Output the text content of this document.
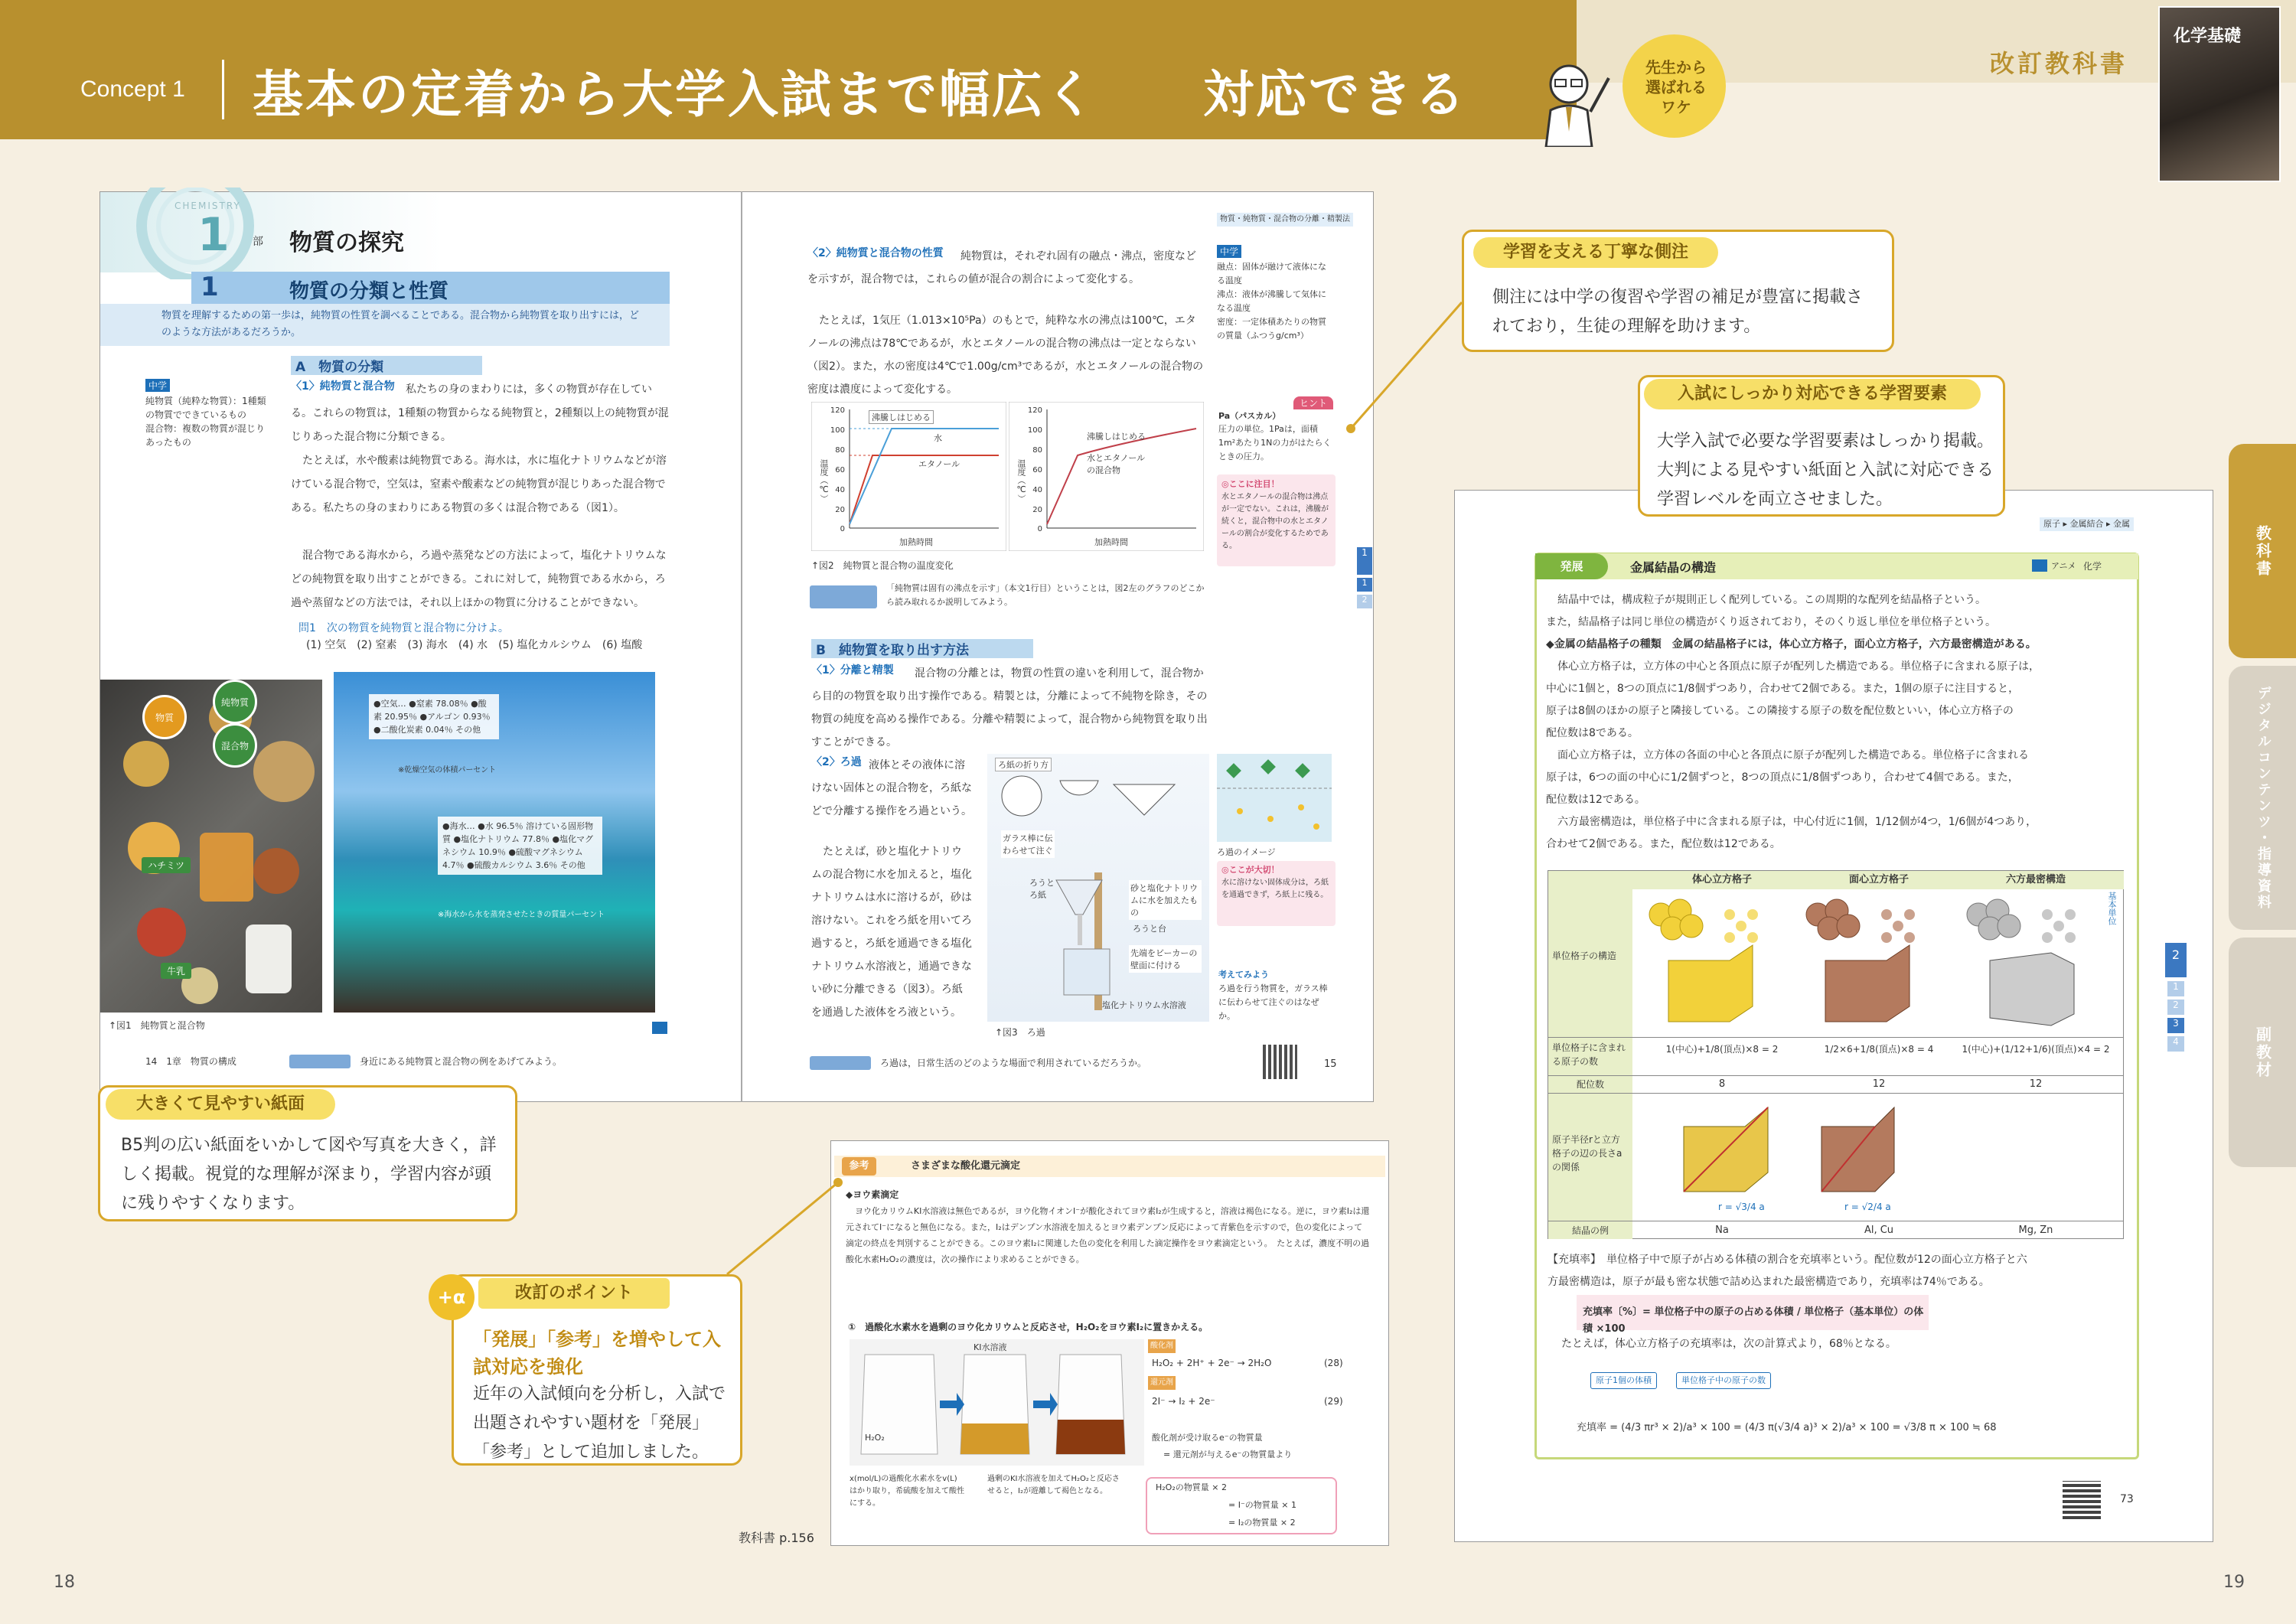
Concept 1 基本の定着から大学入試まで幅広く　　対応できる	先生から
選ばれる
ワケ
改訂教科書
化学基礎
教科書
デジタルコンテンツ・指導資料
副教材
18	19
CHEMISTRY
1 部 物質の探究
1	物質の分類と性質
物質を理解するための第一歩は，純物質の性質を調べることである。混合物から純物質を取り出すには，どのような方法があるだろうか。
A　物質の分類
中学
純物質（純粋な物質）：1種類の物質でできているもの
混合物：複数の物質が混じりあったもの
〈1〉純物質と混合物	私たちの身のまわりには，多くの物質が存在している。これらの物質は，1種類の物質からなる純物質と，2種類以上の純物質が混じりあった混合物に分類できる。
たとえば，水や酸素は純物質である。海水は，水に塩化ナトリウムなどが溶けている混合物で，空気は，窒素や酸素などの純物質が混じりあった混合物である。私たちの身のまわりにある物質の多くは混合物である（図1）。
混合物である海水から，ろ過や蒸発などの方法によって，塩化ナトリウムなどの純物質を取り出すことができる。これに対して，純物質である水から，ろ過や蒸留などの方法では，それ以上ほかの物質に分けることができない。
問1　次の物質を純物質と混合物に分けよ。
(1) 空気　(2) 窒素　(3) 海水　(4) 水　(5) 塩化カルシウム　(6) 塩酸
純物質
物質
混合物
ハチミツ
牛乳
●空気… ●窒素 78.08％ ●酸素 20.95％ ●アルゴン 0.93％ ●二酸化炭素 0.04％ その他
※乾燥空気の体積パーセント
●海水… ●水 96.5％ 溶けている固形物質 ●塩化ナトリウム 77.8％ ●塩化マグネシウム 10.9％ ●硫酸マグネシウム 4.7％ ●硫酸カルシウム 3.6％ その他
※海水から水を蒸発させたときの質量パーセント
↑図1　純物質と混合物
14　1章　物質の構成	身近にある純物質と混合物の例をあげてみよう。
物質・純物質・混合物の分離・精製法
〈2〉純物質と混合物の性質	純物質は，それぞれ固有の融点・沸点，密度などを示すが，混合物では，これらの値が混合の割合によって変化する。
たとえば，1気圧（1.013×10⁵Pa）のもとで，純粋な水の沸点は100℃，エタノールの沸点は78℃であるが，水とエタノールの混合物の沸点は一定とならない（図2）。また，水の密度は4℃で1.00g/cm³であるが，水とエタノールの混合物の密度は濃度によって変化する。
120
100
80
60
40
20
0
沸騰しはじめる
水
エタノール
温度（℃）
加熱時間
120
100
80
60
40
20
0
沸騰しはじめる
水とエタノールの混合物
温度（℃）
加熱時間
↑図2　純物質と混合物の温度変化
「純物質は固有の沸点を示す」（本文1行目）ということは，図2左のグラフのどこから読み取れるか説明してみよう。
B　純物質を取り出す方法
〈1〉分離と精製	混合物の分離とは，物質の性質の違いを利用して，混合物から目的の物質を取り出す操作である。精製とは，分離によって不純物を除き，その物質の純度を高める操作である。分離や精製によって，混合物から純物質を取り出すことができる。
〈2〉ろ過 液体とその液体に溶けない固体との混合物を，ろ紙などで分離する操作をろ過という。
たとえば，砂と塩化ナトリウムの混合物に水を加えると，塩化ナトリウムは水に溶けるが，砂は溶けない。これをろ紙を用いてろ過すると，ろ紙を通過できる塩化ナトリウム水溶液と，通過できない砂に分離できる（図3）。ろ紙を通過した液体をろ液という。
ろ紙の折り方
ガラス棒に伝わらせて注ぐ
ろうとろ紙
砂と塩化ナトリウムに水を加えたもの
ろうと台
先端をビーカーの壁面に付ける
塩化ナトリウム水溶液
↑図3　ろ過
中学
融点：固体が融けて液体になる温度
沸点：液体が沸騰して気体になる温度
密度：一定体積あたりの物質の質量（ふつうg/cm³）
ヒント
Pa（パスカル）
圧力の単位。1Paは，面積1m²あたり1Nの力がはたらくときの圧力。
◎ここに注目！
水とエタノールの混合物は沸点が一定でない。これは，沸騰が続くと，混合物中の水とエタノールの割合が変化するためである。
1
1
2
ろ過のイメージ
◎ここが大切！
水に溶けない固体成分は，ろ紙を通過できず，ろ紙上に残る。
考えてみよう
ろ過を行う物質を，ガラス棒に伝わらせて注ぐのはなぜか。
15
ろ過は，日常生活のどのような場面で利用されているだろうか。
原子 ▸ 金属結合 ▸ 金属
発展	金属結晶の構造	アニメ 化学
結晶中では，構成粒子が規則正しく配列している。この周期的な配列を結晶格子という。
また，結晶格子は同じ単位の構造がくり返されており，そのくり返し単位を単位格子という。
◆金属の結晶格子の種類　金属の結晶格子には，体心立方格子，面心立方格子，六方最密構造がある。
体心立方格子は，立方体の中心と各頂点に原子が配列した構造である。単位格子に含まれる原子は，
中心に1個と，8つの頂点に1/8個ずつあり，合わせて2個である。また，1個の原子に注目すると，
原子は8個のほかの原子と隣接している。この隣接する原子の数を配位数といい，体心立方格子の
配位数は8である。
面心立方格子は，立方体の各面の中心と各頂点に原子が配列した構造である。単位格子に含まれる
原子は，6つの面の中心に1/2個ずつと，8つの頂点に1/8個ずつあり，合わせて4個である。また，
配位数は12である。
六方最密構造は，単位格子中に含まれる原子は，中心付近に1個，1/12個が4つ，1/6個が4つあり，
合わせて2個である。また，配位数は12である。
体心立方格子	面心立方格子	六方最密構造
基本単位
単位格子の構造
単位格子に含まれる原子の数
1(中心)+1/8(頂点)×8 = 2	1/2×6+1/8(頂点)×8 = 4	1(中心)+(1/12+1/6)(頂点)×4 = 2
配位数	8	12	12
原子半径rと立方格子の辺の長さaの関係
r = √3/4 a	r = √2/4 a
結晶の例	Na	Al, Cu	Mg, Zn
【充填率】　単位格子中で原子が占める体積の割合を充填率という。配位数が12の面心立方格子と六
方最密構造は，原子が最も密な状態で詰め込まれた最密構造であり，充填率は74％である。
充填率〔%〕= 単位格子中の原子の占める体積 / 単位格子（基本単位）の体積 ×100
たとえば，体心立方格子の充填率は，次の計算式より，68％となる。
原子1個の体積	単位格子中の原子の数
充填率 = (4/3 πr³ × 2)/a³ × 100 = (4/3 π(√3/4 a)³ × 2)/a³ × 100 = √3/8 π × 100 ≒ 68
73
2
1
2
3
4
参考	さまざまな酸化還元滴定
◆ヨウ素滴定
ヨウ化カリウムKI水溶液は無色であるが，ヨウ化物イオンI⁻が酸化されてヨウ素I₂が生成すると，溶液は褐色になる。逆に，ヨウ素I₂は還元されてI⁻になると無色になる。また，I₂はデンプン水溶液を加えるとヨウ素デンプン反応によって青紫色を示すので，色の変化によって滴定の終点を判別することができる。このヨウ素I₂に関連した色の変化を利用した滴定操作をヨウ素滴定という。　たとえば，濃度不明の過酸化水素H₂O₂の濃度は，次の操作により求めることができる。
①　過酸化水素水を過剰のヨウ化カリウムと反応させ，H₂O₂をヨウ素I₂に置きかえる。
KI水溶液
H₂O₂
x(mol/L)の過酸化水素水をv(L)はかり取り，希硫酸を加えて酸性にする。
過剰のKI水溶液を加えてH₂O₂と反応させると，I₂が遊離して褐色となる。
酸化剤
H₂O₂ + 2H⁺ + 2e⁻ → 2H₂O	(28)
還元剤
2I⁻ → I₂ + 2e⁻	(29)
酸化剤が受け取るe⁻の物質量
= 還元剤が与えるe⁻の物質量より
H₂O₂の物質量 × 2
= I⁻の物質量 × 1
= I₂の物質量 × 2
教科書 p.156
学習を支える丁寧な側注
側注には中学の復習や学習の補足が豊富に掲載されており，生徒の理解を助けます。
入試にしっかり対応できる学習要素
大学入試で必要な学習要素はしっかり掲載。大判による見やすい紙面と入試に対応できる学習レベルを両立させました。
大きくて見やすい紙面
B5判の広い紙面をいかして図や写真を大きく，詳しく掲載。視覚的な理解が深まり，学習内容が頭に残りやすくなります。
+α	改訂のポイント
「発展」「参考」を増やして入試対応を強化
近年の入試傾向を分析し，入試で出題されやすい題材を「発展」「参考」として追加しました。
